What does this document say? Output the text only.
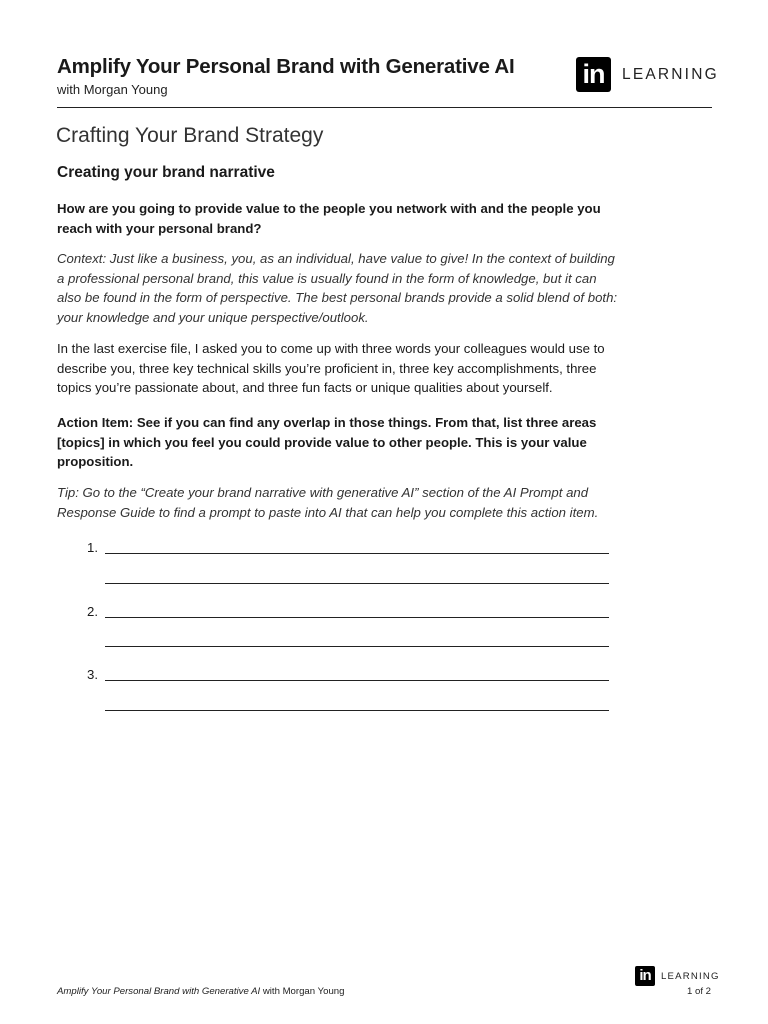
Amplify Your Personal Brand with Generative AI
with Morgan Young
in	LEARNING
Crafting Your Brand Strategy
Creating your brand narrative
How are you going to provide value to the people you network with and the people you reach with your personal brand?
Context: Just like a business, you, as an individual, have value to give! In the context of building a professional personal brand, this value is usually found in the form of knowledge, but it can also be found in the form of perspective. The best personal brands provide a solid blend of both: your knowledge and your unique perspective/outlook.
In the last exercise file, I asked you to come up with three words your colleagues would use to describe you, three key technical skills you’re proficient in, three key accomplishments, three topics you’re passionate about, and three fun facts or unique qualities about yourself.
Action Item: See if you can find any overlap in those things. From that, list three areas [topics] in which you feel you could provide value to other people. This is your value proposition.
Tip: Go to the “Create your brand narrative with generative AI” section of the AI Prompt and Response Guide to find a prompt to paste into AI that can help you complete this action item.
1.
2.
3.
Amplify Your Personal Brand with Generative AI with Morgan Young
in	LEARNING
1 of 2
